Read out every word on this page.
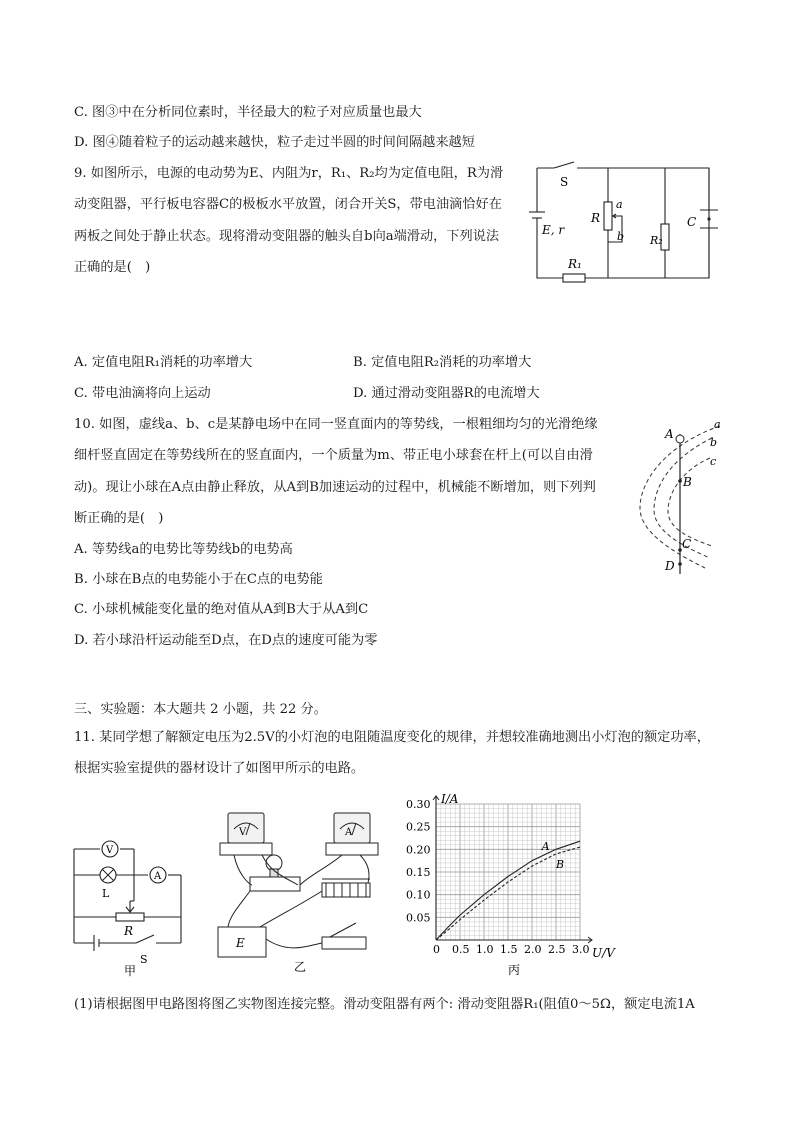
C. 图③中在分析同位素时，半径最大的粒子对应质量也最大
D. 图④随着粒子的运动越来越快，粒子走过半圆的时间间隔越来越短
9. 如图所示，电源的电动势为E、内阻为r，R₁、R₂均为定值电阻，R为滑
动变阻器，平行板电容器C的极板水平放置，闭合开关S，带电油滴恰好在
两板之间处于静止状态。现将滑动变阻器的触头自b向a端滑动，下列说法
正确的是(　)
S
R
a
b
C
E, r
R₁
R₂
A. 定值电阻R₁消耗的功率增大	B. 定值电阻R₂消耗的功率增大
C. 带电油滴将向上运动	D. 通过滑动变阻器R的电流增大
10. 如图，虚线a、b、c是某静电场中在同一竖直面内的等势线，一根粗细均匀的光滑绝缘
细杆竖直固定在等势线所在的竖直面内，一个质量为m、带正电小球套在杆上(可以自由滑
动)。现让小球在A点由静止释放，从A到B加速运动的过程中，机械能不断增加，则下列判
断正确的是(　)
A. 等势线a的电势比等势线b的电势高
B. 小球在B点的电势能小于在C点的电势能
C. 小球机械能变化量的绝对值从A到B大于从A到C
D. 若小球沿杆运动能至D点，在D点的速度可能为零
A
B
C
D
a
b
c
三、实验题：本大题共 2 小题，共 22 分。
11. 某同学想了解额定电压为2.5V的小灯泡的电阻随温度变化的规律，并想较准确地测出小灯泡的额定功率，
根据实验室提供的器材设计了如图甲所示的电路。
V
A
L
R
S
甲
V	A
E
乙
0 0.5 1.0 1.5 2.0 2.5 3.0
0.05
0.10
0.15
0.20
0.25
0.30
A
B
I/A
U/V
丙
(1)请根据图甲电路图将图乙实物图连接完整。滑动变阻器有两个: 滑动变阻器R₁(阻值0～5Ω，额定电流1A
